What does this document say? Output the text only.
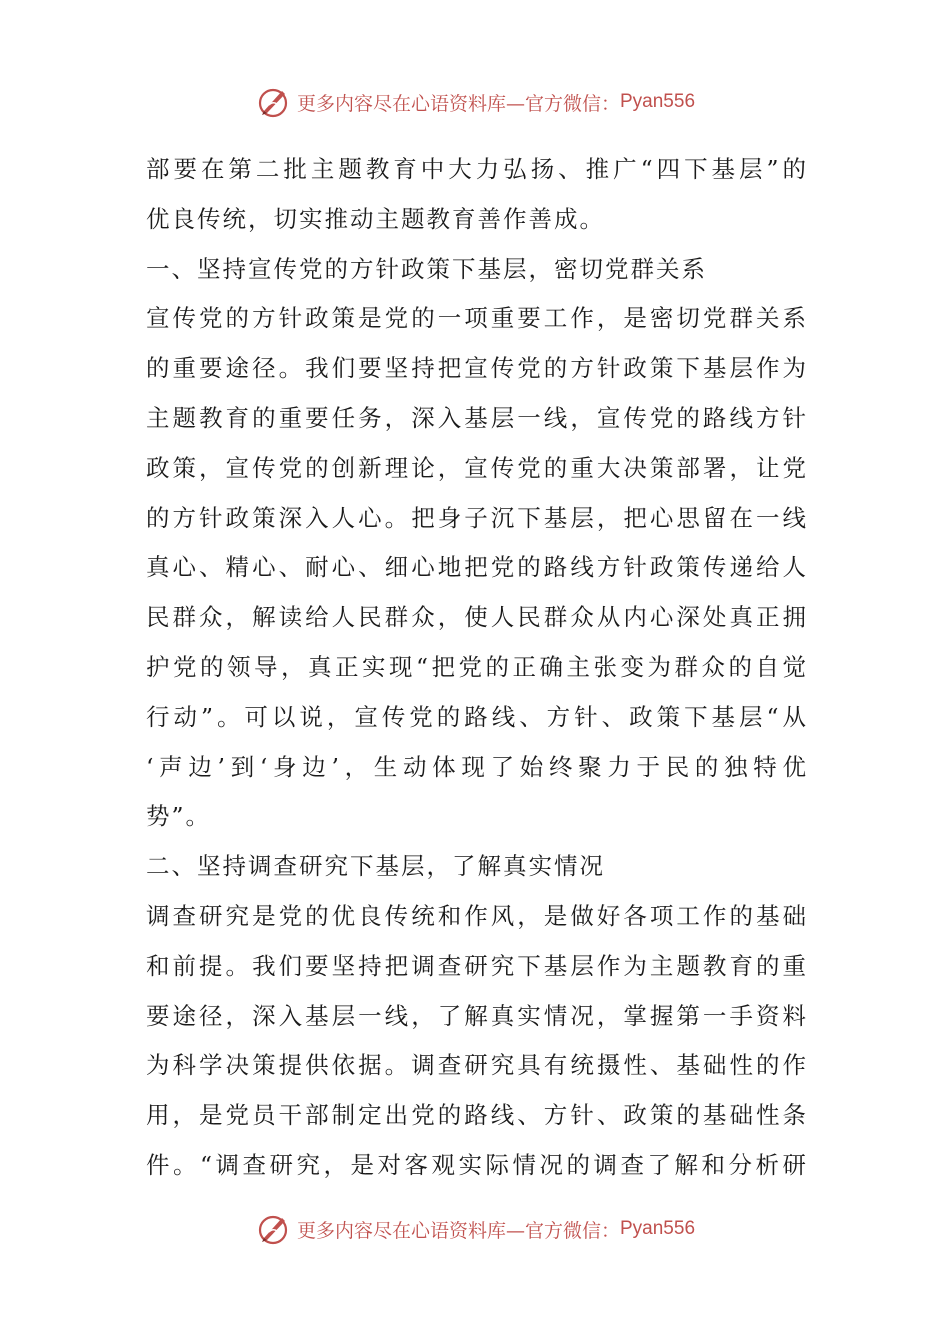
更多内容尽在心语资料库—官方微信： Pyan556
部要在第二批主题教育中大力弘扬、推广“四下基层”的
优良传统，切实推动主题教育善作善成。
一、坚持宣传党的方针政策下基层，密切党群关系
宣传党的方针政策是党的一项重要工作，是密切党群关系
的重要途径。我们要坚持把宣传党的方针政策下基层作为
主题教育的重要任务，深入基层一线，宣传党的路线方针
政策，宣传党的创新理论，宣传党的重大决策部署，让党
的方针政策深入人心。把身子沉下基层，把心思留在一线
真心、精心、耐心、细心地把党的路线方针政策传递给人
民群众，解读给人民群众，使人民群众从内心深处真正拥
护党的领导，真正实现“把党的正确主张变为群众的自觉
行动”。可以说，宣传党的路线、方针、政策下基层“从
‘声边’到‘身边’，生动体现了始终聚力于民的独特优
势”。
二、坚持调查研究下基层，了解真实情况
调查研究是党的优良传统和作风，是做好各项工作的基础
和前提。我们要坚持把调查研究下基层作为主题教育的重
要途径，深入基层一线，了解真实情况，掌握第一手资料
为科学决策提供依据。调查研究具有统摄性、基础性的作
用，是党员干部制定出党的路线、方针、政策的基础性条
件。“调查研究，是对客观实际情况的调查了解和分析研
更多内容尽在心语资料库—官方微信： Pyan556
